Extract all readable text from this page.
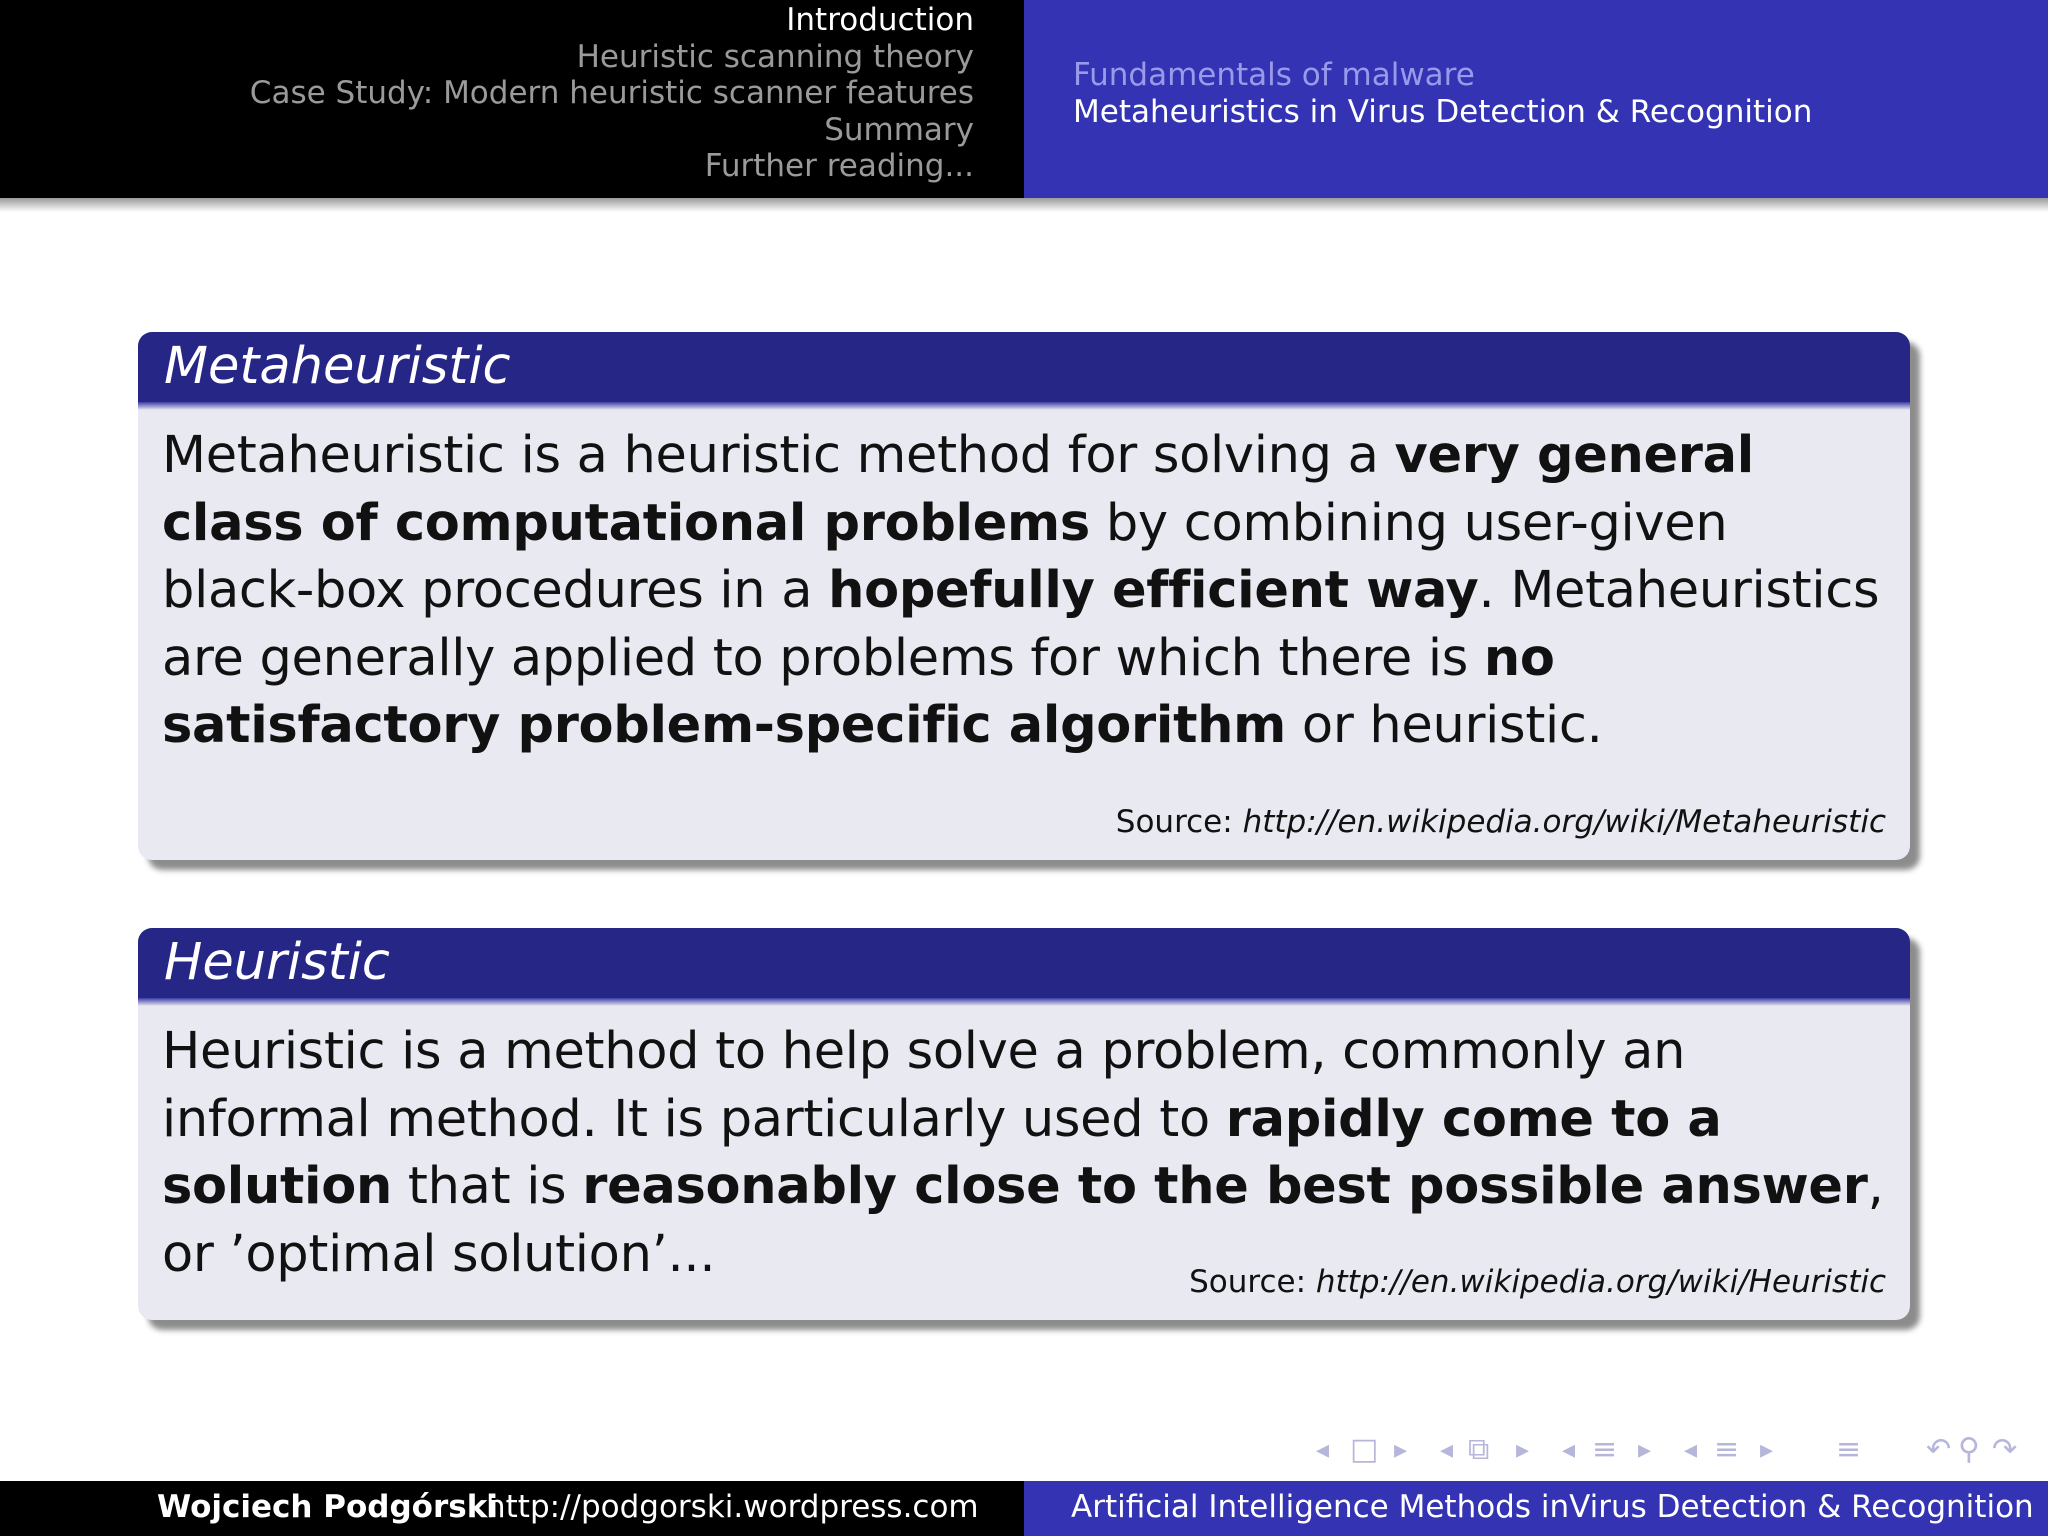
Introduction
Heuristic scanning theory
Case Study: Modern heuristic scanner features
Summary
Further reading...
Fundamentals of malware
Metaheuristics in Virus Detection & Recognition
Metaheuristic
Metaheuristic is a heuristic method for solving a very general class of computational problems by combining user-given black-box procedures in a hopefully efficient way. Metaheuristics are generally applied to problems for which there is no satisfactory problem-specific algorithm or heuristic.
Source: http://en.wikipedia.org/wiki/Metaheuristic
Heuristic
Heuristic is a method to help solve a problem, commonly an informal method. It is particularly used to rapidly come to a solution that is reasonably close to the best possible answer, or ’optimal solution’...	Source: http://en.wikipedia.org/wiki/Heuristic
◂ □ ▸ ◂ ⧉ ▸ ◂ ≡ ▸ ◂ ≡ ▸ ≡ ↶ ⚲ ↷
Wojciech Podgórski
http://podgorski.wordpress.com	Artificial Intelligence Methods inVirus Detection & Recognition
